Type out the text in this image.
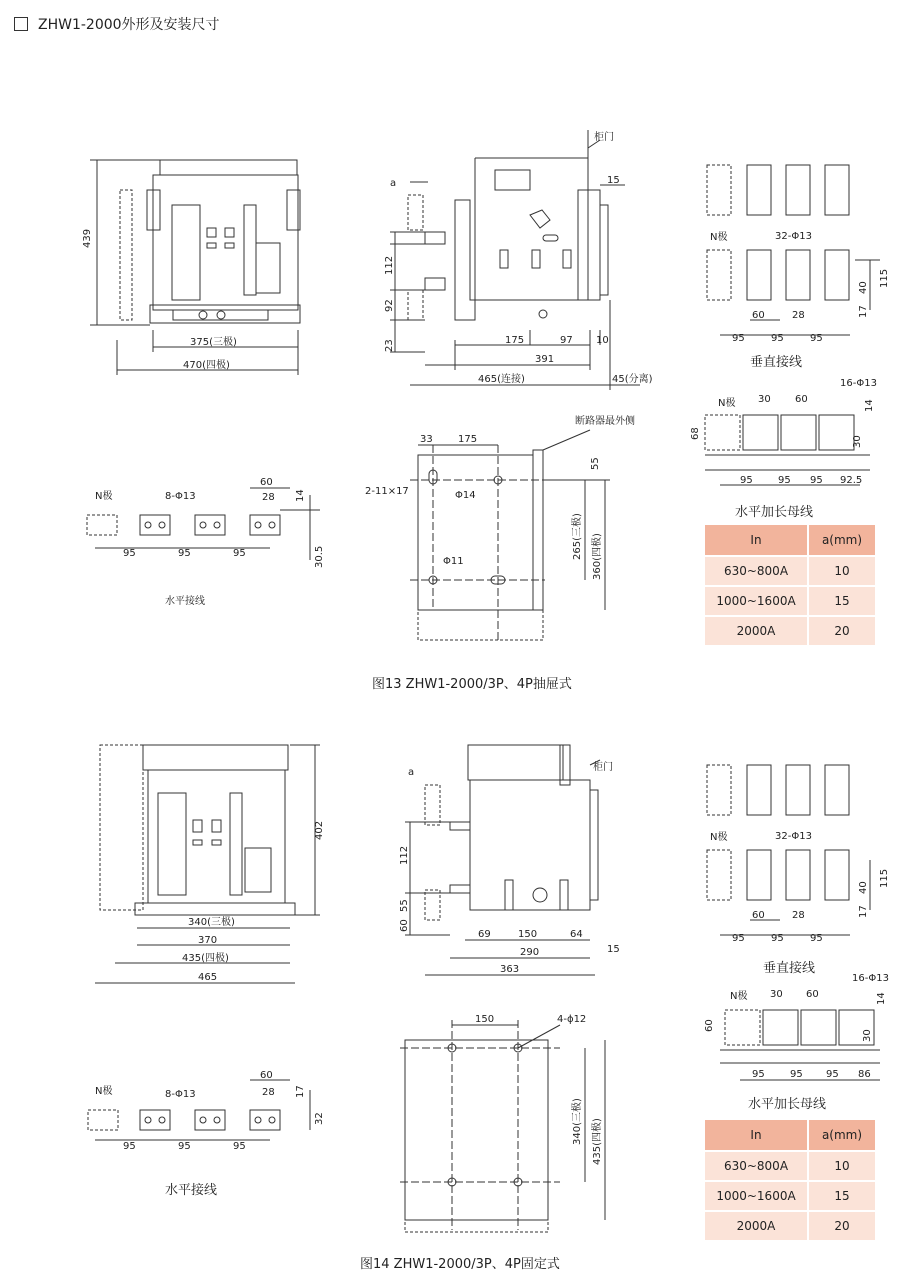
ZHW1-2000外形及安装尺寸
439
375(三极)
470(四极)
柜门
a
112
92
23
15
175	97 10
391
465(连接)	45(分离)
断路器最外侧
33	175
2-11×17	Φ14
Φ11
55
265(三极) 360(四极)
N极	8-Φ13
60
28 14
30.5
95	95	95
水平接线
N极	32-Φ13
40 115
17
60	28
95	95	95
N极 30 60
16-Φ13
68
14
30
95	95 95 92.5
402
340(三极)
370
435(四极)
465
柜门
a
112
55
60
69	150	64
290	15
363
150	4-ϕ12
340(三极) 435(四极)
N极	8-Φ13
60
28 17
32
95	95	95
N极	32-Φ13
40 115
17
60	28
95	95	95
N极 30 60
16-Φ13
60
14
30
95	95 95 86
垂直接线
水平加长母线
图13 ZHW1-2000/3P、4P抽屉式
水平接线
垂直接线
水平加长母线
图14 ZHW1-2000/3P、4P固定式
In	a(mm)
630~800A	10
1000~1600A	15
2000A	20
In	a(mm)
630~800A	10
1000~1600A	15
2000A	20
